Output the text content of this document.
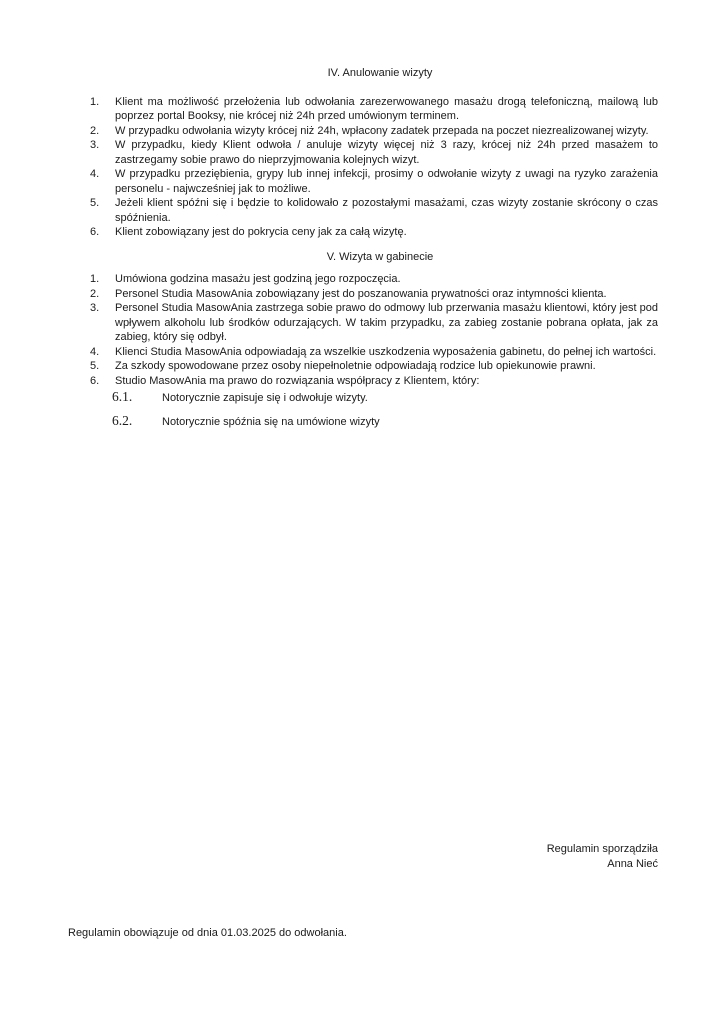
IV. Anulowanie wizyty
1.	Klient ma możliwość przełożenia lub odwołania zarezerwowanego masażu drogą telefoniczną, mailową lub poprzez portal Booksy, nie krócej niż 24h przed umówionym terminem.
2.	W przypadku odwołania wizyty krócej niż 24h, wpłacony zadatek przepada na poczet niezrealizowanej wizyty.
3.	W przypadku, kiedy Klient odwoła / anuluje wizyty więcej niż 3 razy, krócej niż 24h przed masażem to zastrzegamy sobie prawo do nieprzyjmowania kolejnych wizyt.
4.	W przypadku przeziębienia, grypy lub innej infekcji, prosimy o odwołanie wizyty z uwagi na ryzyko zarażenia personelu - najwcześniej jak to możliwe.
5.	Jeżeli klient spóźni się i będzie to kolidowało z pozostałymi masażami, czas wizyty zostanie skrócony o czas spóźnienia.
6.	Klient zobowiązany jest do pokrycia ceny jak za całą wizytę.
V. Wizyta w gabinecie
1.	Umówiona godzina masażu jest godziną jego rozpoczęcia.
2.	Personel Studia MasowAnia zobowiązany jest do poszanowania prywatności oraz intymności klienta.
3.	Personel Studia MasowAnia zastrzega sobie prawo do odmowy lub przerwania masażu klientowi, który jest pod wpływem alkoholu lub środków odurzających. W takim przypadku, za zabieg zostanie pobrana opłata, jak za zabieg, który się odbył.
4.	Klienci Studia MasowAnia odpowiadają za wszelkie uszkodzenia wyposażenia gabinetu, do pełnej ich wartości.
5.	Za szkody spowodowane przez osoby niepełnoletnie odpowiadają rodzice lub opiekunowie prawni.
6.	Studio MasowAnia ma prawo do rozwiązania współpracy z Klientem, który:
6.1.	Notorycznie zapisuje się i odwołuje wizyty.
6.2.	Notorycznie spóźnia się na umówione wizyty
Regulamin sporządziła
Anna Nieć
Regulamin obowiązuje od dnia 01.03.2025 do odwołania.
